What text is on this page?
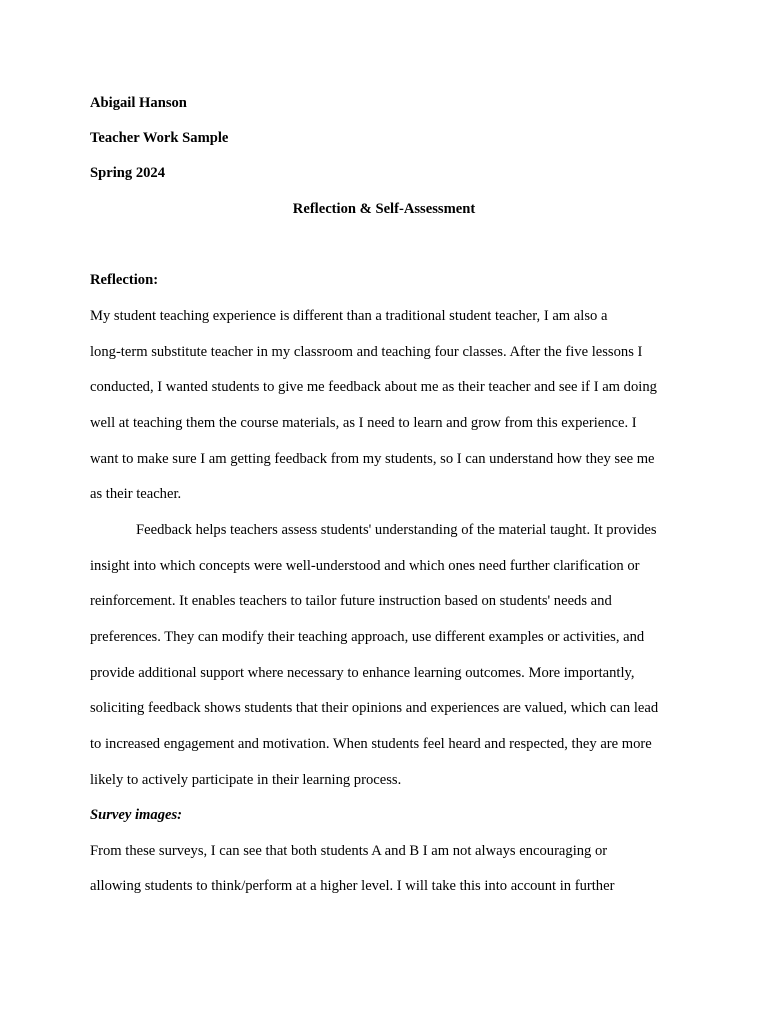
Abigail Hanson
Teacher Work Sample
Spring 2024
Reflection & Self-Assessment
Reflection:
My student teaching experience is different than a traditional student teacher, I am also a
long-term substitute teacher in my classroom and teaching four classes. After the five lessons I
conducted, I wanted students to give me feedback about me as their teacher and see if I am doing
well at teaching them the course materials, as I need to learn and grow from this experience. I
want to make sure I am getting feedback from my students, so I can understand how they see me
as their teacher.
Feedback helps teachers assess students' understanding of the material taught. It provides
insight into which concepts were well-understood and which ones need further clarification or
reinforcement. It enables teachers to tailor future instruction based on students' needs and
preferences. They can modify their teaching approach, use different examples or activities, and
provide additional support where necessary to enhance learning outcomes. More importantly,
soliciting feedback shows students that their opinions and experiences are valued, which can lead
to increased engagement and motivation. When students feel heard and respected, they are more
likely to actively participate in their learning process.
Survey images:
From these surveys, I can see that both students A and B I am not always encouraging or
allowing students to think/perform at a higher level. I will take this into account in further
